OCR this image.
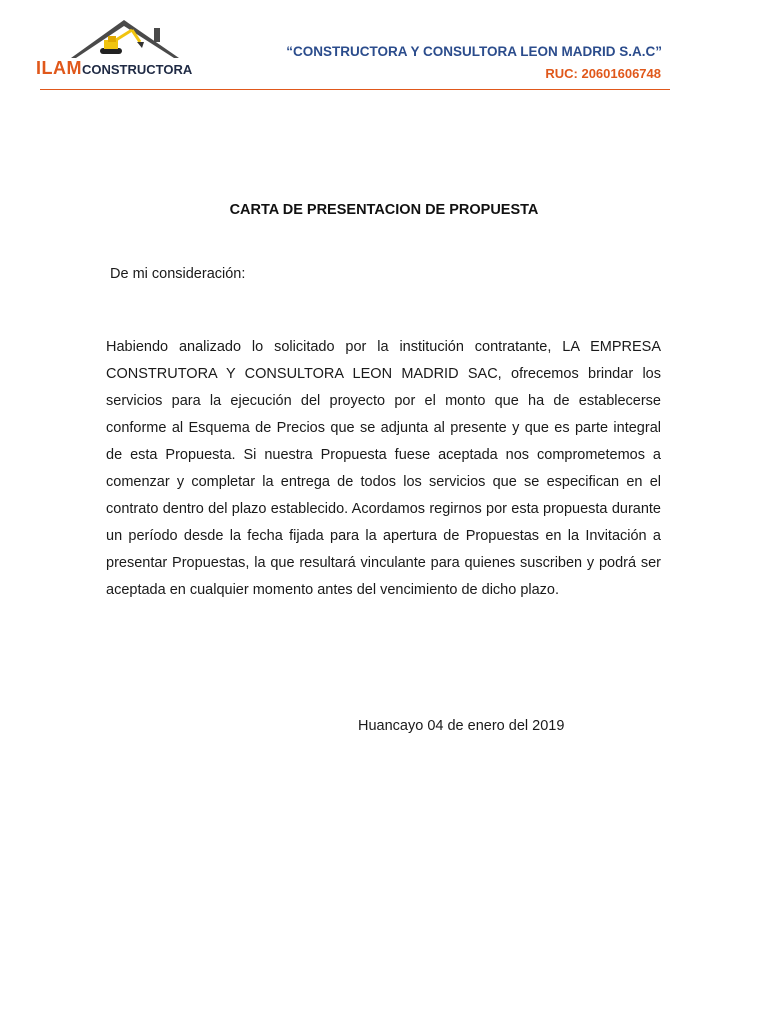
ILAMCONSTRUCTORA
“CONSTRUCTORA Y CONSULTORA LEON MADRID S.A.C”
RUC: 20601606748
CARTA DE PRESENTACION DE PROPUESTA
De mi consideración:
Habiendo analizado lo solicitado por la institución contratante, LA EMPRESA CONSTRUTORA Y CONSULTORA LEON MADRID SAC, ofrecemos brindar los servicios para la ejecución del proyecto por el monto que ha de establecerse conforme al Esquema de Precios que se adjunta al presente y que es parte integral de esta Propuesta. Si nuestra Propuesta fuese aceptada nos comprometemos a comenzar y completar la entrega de todos los servicios que se especifican en el contrato dentro del plazo establecido. Acordamos regirnos por esta propuesta durante un período desde la fecha fijada para la apertura de Propuestas en la Invitación a presentar Propuestas, la que resultará vinculante para quienes suscriben y podrá ser aceptada en cualquier momento antes del vencimiento de dicho plazo.
Huancayo 04 de enero del 2019
